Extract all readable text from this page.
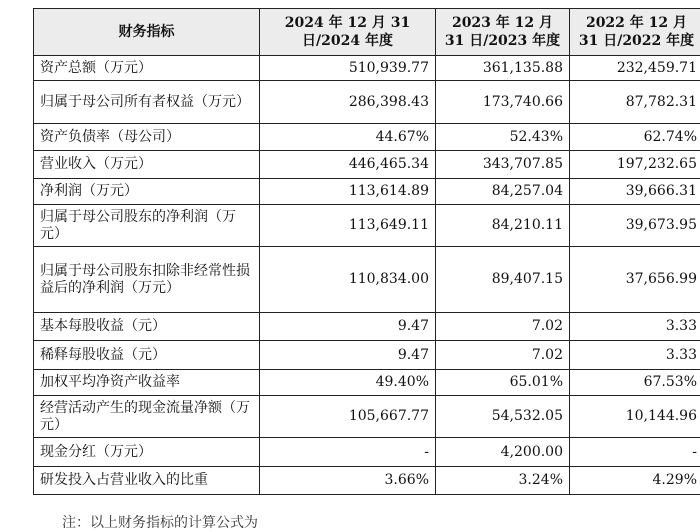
财务指标	2024 年 12 月 31 日/2024 年度	2023 年 12 月 31 日/2023 年度	2022 年 12 月 31 日/2022 年度
资产总额（万元）	510,939.77	361,135.88	232,459.71
归属于母公司所有者权益（万元）	286,398.43	173,740.66	87,782.31
资产负债率（母公司）	44.67%	52.43%	62.74%
营业收入（万元）	446,465.34	343,707.85	197,232.65
净利润（万元）	113,614.89	84,257.04	39,666.31
归属于母公司股东的净利润（万元）	113,649.11	84,210.11	39,673.95
归属于母公司股东扣除非经常性损益后的净利润（万元）	110,834.00	89,407.15	37,656.99
基本每股收益（元）	9.47	7.02	3.33
稀释每股收益（元）	9.47	7.02	3.33
加权平均净资产收益率	49.40%	65.01%	67.53%
经营活动产生的现金流量净额（万元）	105,667.77	54,532.05	10,144.96
现金分红（万元）	-	4,200.00	-
研发投入占营业收入的比重	3.66%	3.24%	4.29%
注：以上财务指标的计算公式为
